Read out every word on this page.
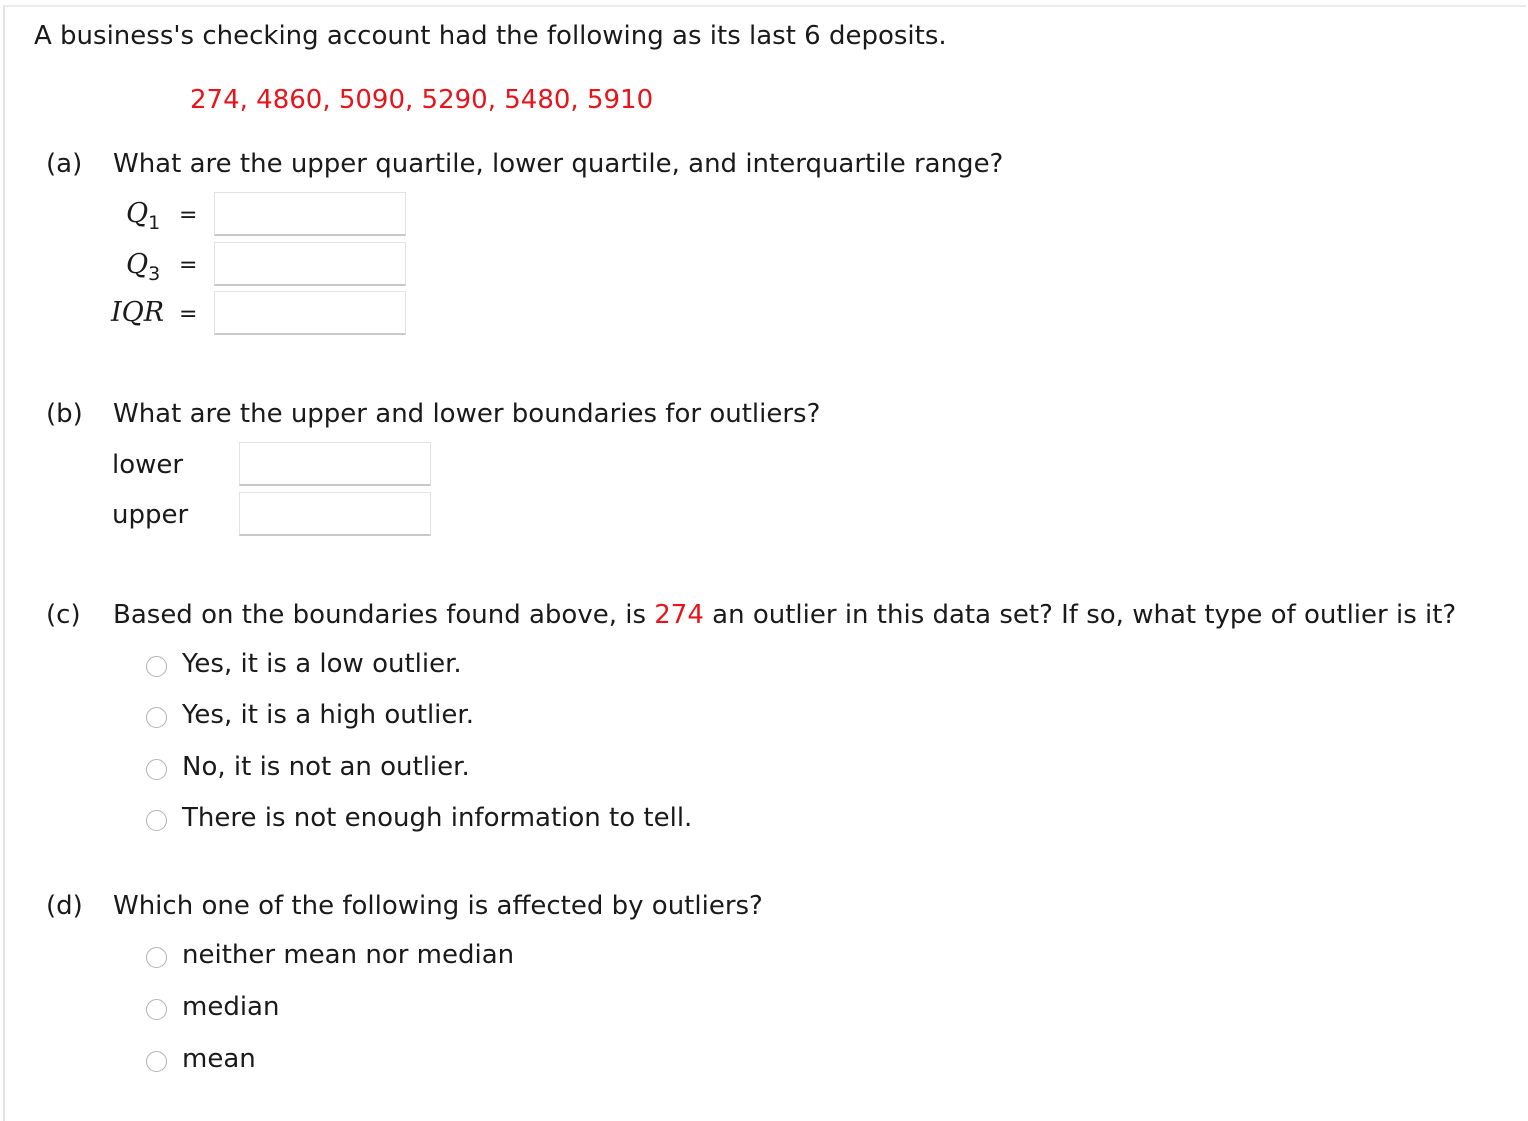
A business's checking account had the following as its last 6 deposits.
274, 4860, 5090, 5290, 5480, 5910
(a) What are the upper quartile, lower quartile, and interquartile range?
$Q_1$ =
$Q_3$ =
IQR =
(b) What are the upper and lower boundaries for outliers?
lower
upper
(c) Based on the boundaries found above, is 274 an outlier in this data set? If so, what type of outlier is it?
Yes, it is a low outlier.
Yes, it is a high outlier.
No, it is not an outlier.
There is not enough information to tell.
(d) Which one of the following is affected by outliers?
neither mean nor median
median
mean
